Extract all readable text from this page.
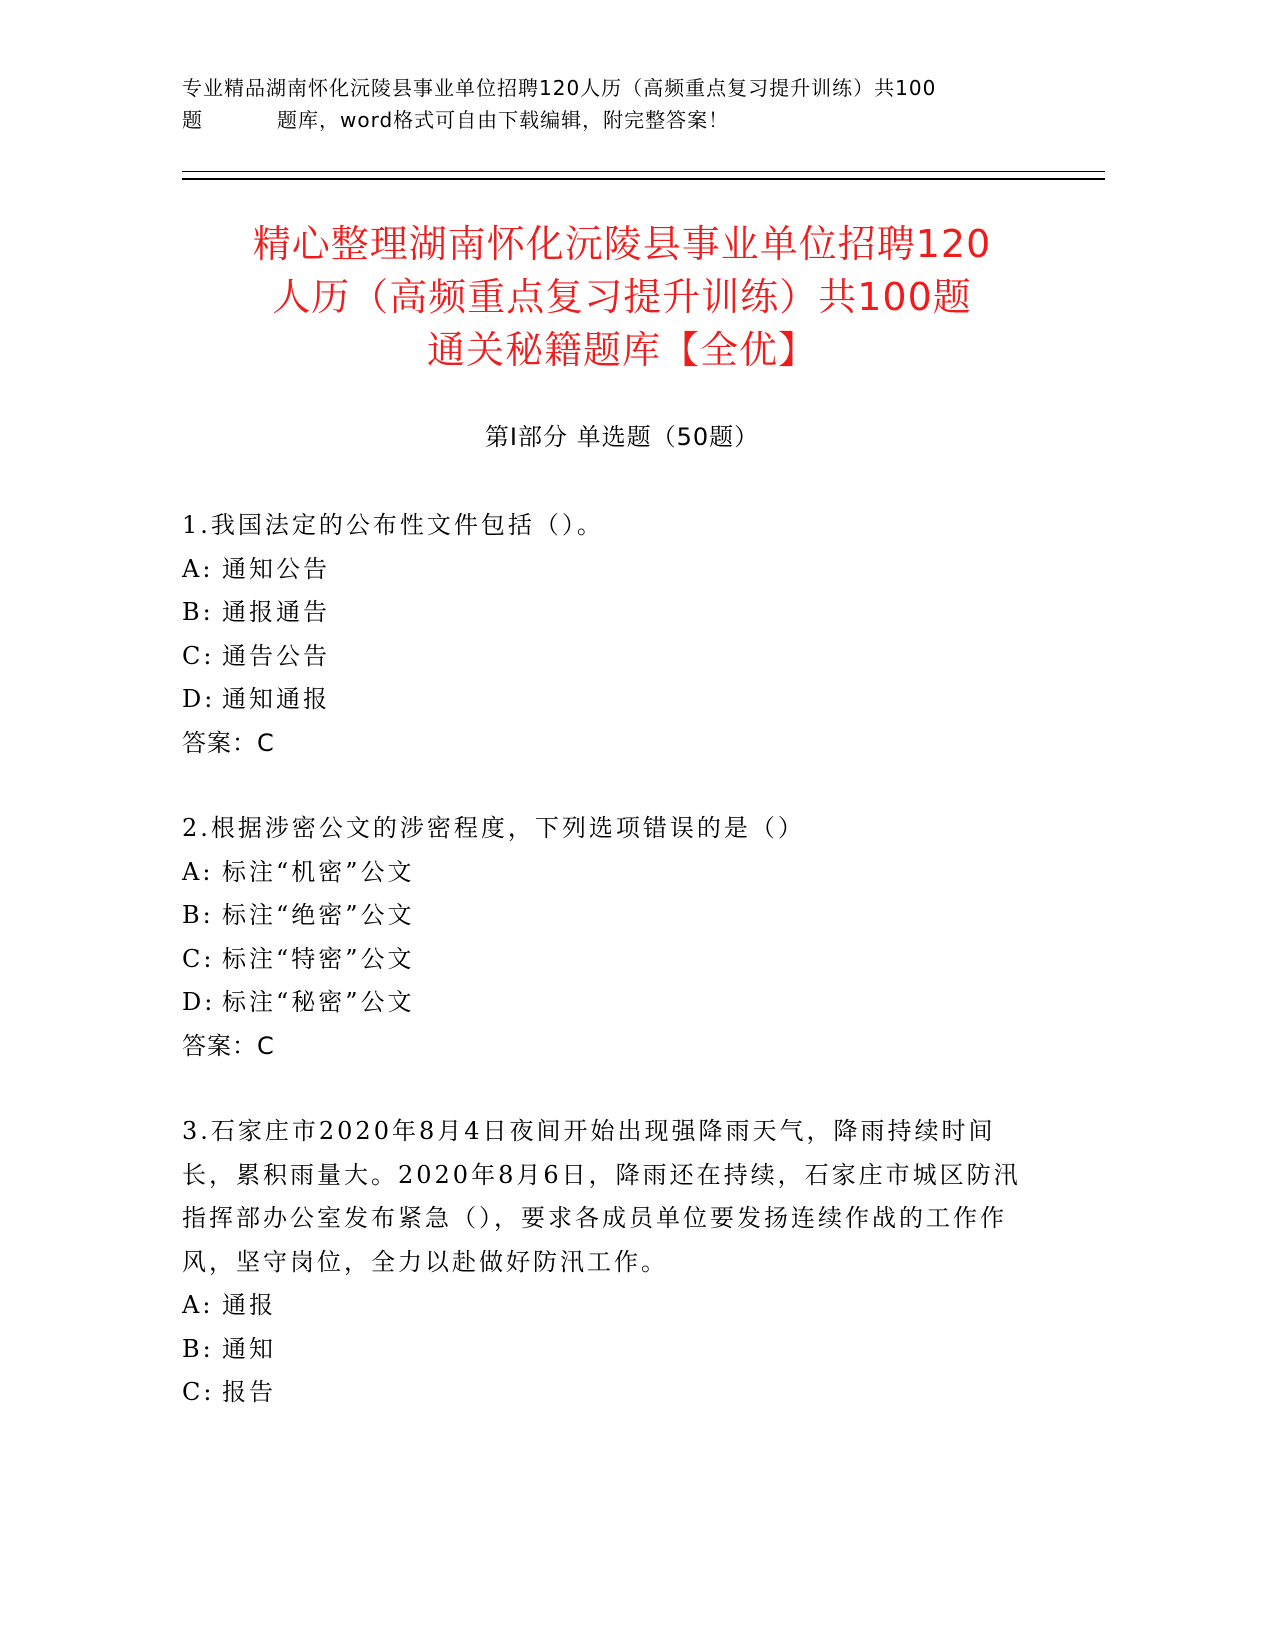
专业精品湖南怀化沅陵县事业单位招聘120人历（高频重点复习提升训练）共100
题	题库，word格式可自由下载编辑，附完整答案！
精心整理湖南怀化沅陵县事业单位招聘120
人历（高频重点复习提升训练）共100题
通关秘籍题库【全优】
第Ⅰ部分 单选题（50题）
1.我国法定的公布性文件包括（）。
A: 通知公告
B: 通报通告
C: 通告公告
D: 通知通报
答案：C
2.根据涉密公文的涉密程度，下列选项错误的是（）
A: 标注“机密”公文
B: 标注“绝密”公文
C: 标注“特密”公文
D: 标注“秘密”公文
答案：C
3.石家庄市2020年8月4日夜间开始出现强降雨天气，降雨持续时间长，累积雨量大。2020年8月6日，降雨还在持续，石家庄市城区防汛指挥部办公室发布紧急（），要求各成员单位要发扬连续作战的工作作风，坚守岗位，全力以赴做好防汛工作。
A: 通报
B: 通知
C: 报告
